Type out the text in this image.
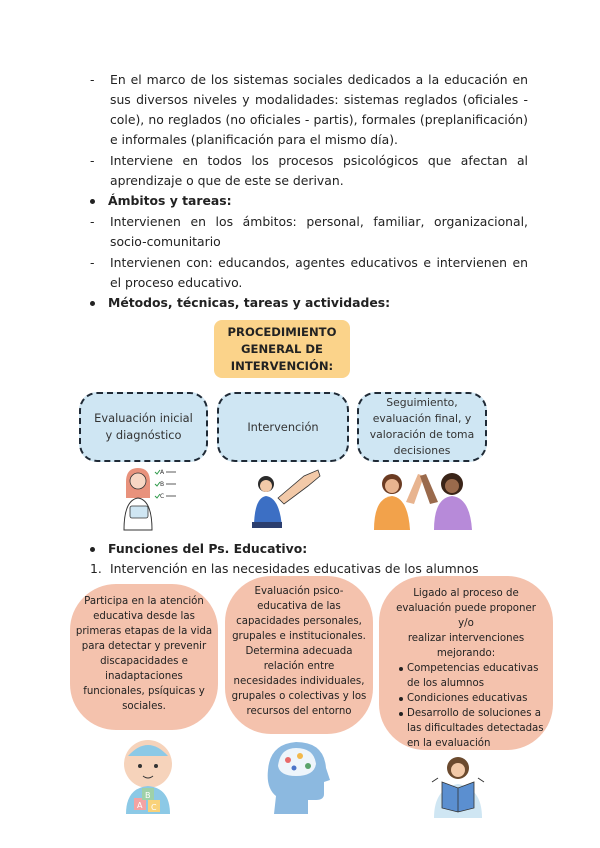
- En el marco de los sistemas sociales dedicados a la educación en
sus diversos niveles y modalidades: sistemas reglados (oficiales -
cole), no reglados (no oficiales - partis), formales (preplanificación)
e informales (planificación para el mismo día).
- Interviene en todos los procesos psicológicos que afectan al
aprendizaje o que de este se derivan.
Ámbitos y tareas:
- Intervienen en los ámbitos: personal, familiar, organizacional,
socio-comunitario
- Intervienen con: educandos, agentes educativos e intervienen en
el proceso educativo.
Métodos, técnicas, tareas y actividades:
PROCEDIMIENTO
GENERAL DE
INTERVENCIÓN:
Evaluación inicial
y diagnóstico
Intervención
Seguimiento,
evaluación final, y
valoración de toma
decisiones
A
B
C
Funciones del Ps. Educativo:
1. Intervención en las necesidades educativas de los alumnos
Participa en la atención
educativa desde las
primeras etapas de la vida
para detectar y prevenir
discapacidades e
inadaptaciones
funcionales, psíquicas y
sociales.
Evaluación psico-
educativa de las
capacidades personales,
grupales e institucionales.
Determina adecuada
relación entre
necesidades individuales,
grupales o colectivas y los
recursos del entorno
Ligado al proceso de
evaluación puede proponer y/o
realizar intervenciones
mejorando:
Competencias educativas de los alumnos
Condiciones educativas
Desarrollo de soluciones a las dificultades detectadas en la evaluación
A
B
C
